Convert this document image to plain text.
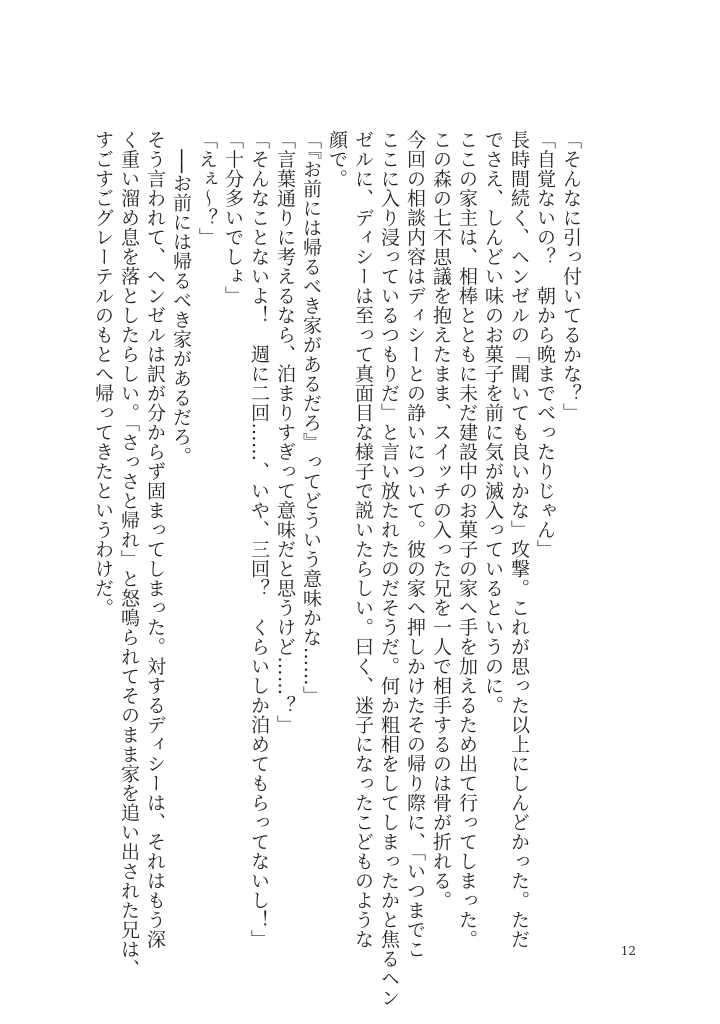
「そんなに引っ付いてるかな？」

「自覚ないの？　朝から晩までべったりじゃん」

長時間続く、ヘンゼルの「聞いても良いかな」攻撃。これが思った以上にしんどかった。ただ

でさえ、しんどい味のお菓子を前に気が滅入っているというのに。

ここの家主は、相棒とともに未だ建設中のお菓子の家へ手を加えるため出て行ってしまった。

この森の七不思議を抱えたまま、スイッチの入った兄を一人で相手するのは骨が折れる。

今回の相談内容はディシーとの諍いについて。彼の家へ押しかけたその帰り際に、「いつまでこ

ここに入り浸っているつもりだ」と言い放たれたのだそうだ。何か粗相をしてしまったかと焦るヘン

ゼルに、ディシーは至って真面目な様子で説いたらしい。曰く、迷子になったこどものような

顔で。

「『お前には帰るべき家があるだろ』ってどういう意味かな……」

「言葉通りに考えるなら、泊まりすぎって意味だと思うけど……？」

「そんなことないよ！　週に二回……、いや、三回？　くらいしか泊めてもらってないし！」

「十分多いでしょ」

「えぇ～？」

　──お前には帰るべき家があるだろ。

そう言われて、ヘンゼルは訳が分からず固まってしまった。対するディシーは、それはもう深

く重い溜め息を落としたらしい。「さっさと帰れ」と怒鳴られてそのまま家を追い出された兄は、

すごすごグレーテルのもとへ帰ってきたというわけだ。

12
